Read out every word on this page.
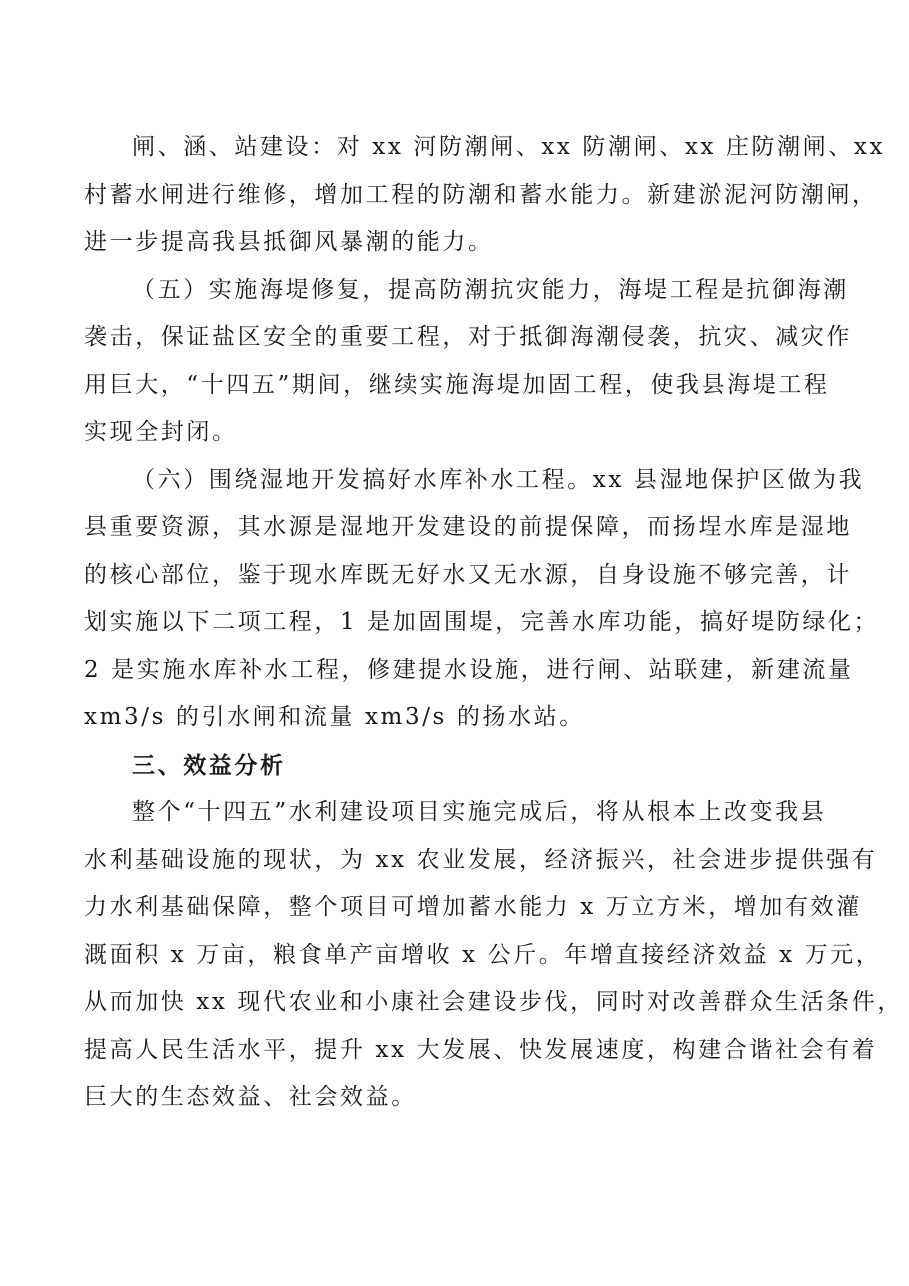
闸、涵、站建设：对 xx 河防潮闸、xx 防潮闸、xx 庄防潮闸、xx
村蓄水闸进行维修，增加工程的防潮和蓄水能力。新建淤泥河防潮闸，
进一步提高我县抵御风暴潮的能力。

（五）实施海堤修复，提高防潮抗灾能力，海堤工程是抗御海潮
袭击，保证盐区安全的重要工程，对于抵御海潮侵袭，抗灾、减灾作
用巨大，“十四五”期间，继续实施海堤加固工程，使我县海堤工程
实现全封闭。

（六）围绕湿地开发搞好水库补水工程。xx 县湿地保护区做为我
县重要资源，其水源是湿地开发建设的前提保障，而扬埕水库是湿地
的核心部位，鉴于现水库既无好水又无水源，自身设施不够完善，计
划实施以下二项工程，1 是加固围堤，完善水库功能，搞好堤防绿化；
2 是实施水库补水工程，修建提水设施，进行闸、站联建，新建流量
xm3/s 的引水闸和流量 xm3/s 的扬水站。

三、效益分析

整个“十四五”水利建设项目实施完成后，将从根本上改变我县
水利基础设施的现状，为 xx 农业发展，经济振兴，社会进步提供强有
力水利基础保障，整个项目可增加蓄水能力 x 万立方米，增加有效灌
溉面积 x 万亩，粮食单产亩增收 x 公斤。年增直接经济效益 x 万元，
从而加快 xx 现代农业和小康社会建设步伐，同时对改善群众生活条件，
提高人民生活水平，提升 xx 大发展、快发展速度，构建合谐社会有着
巨大的生态效益、社会效益。
